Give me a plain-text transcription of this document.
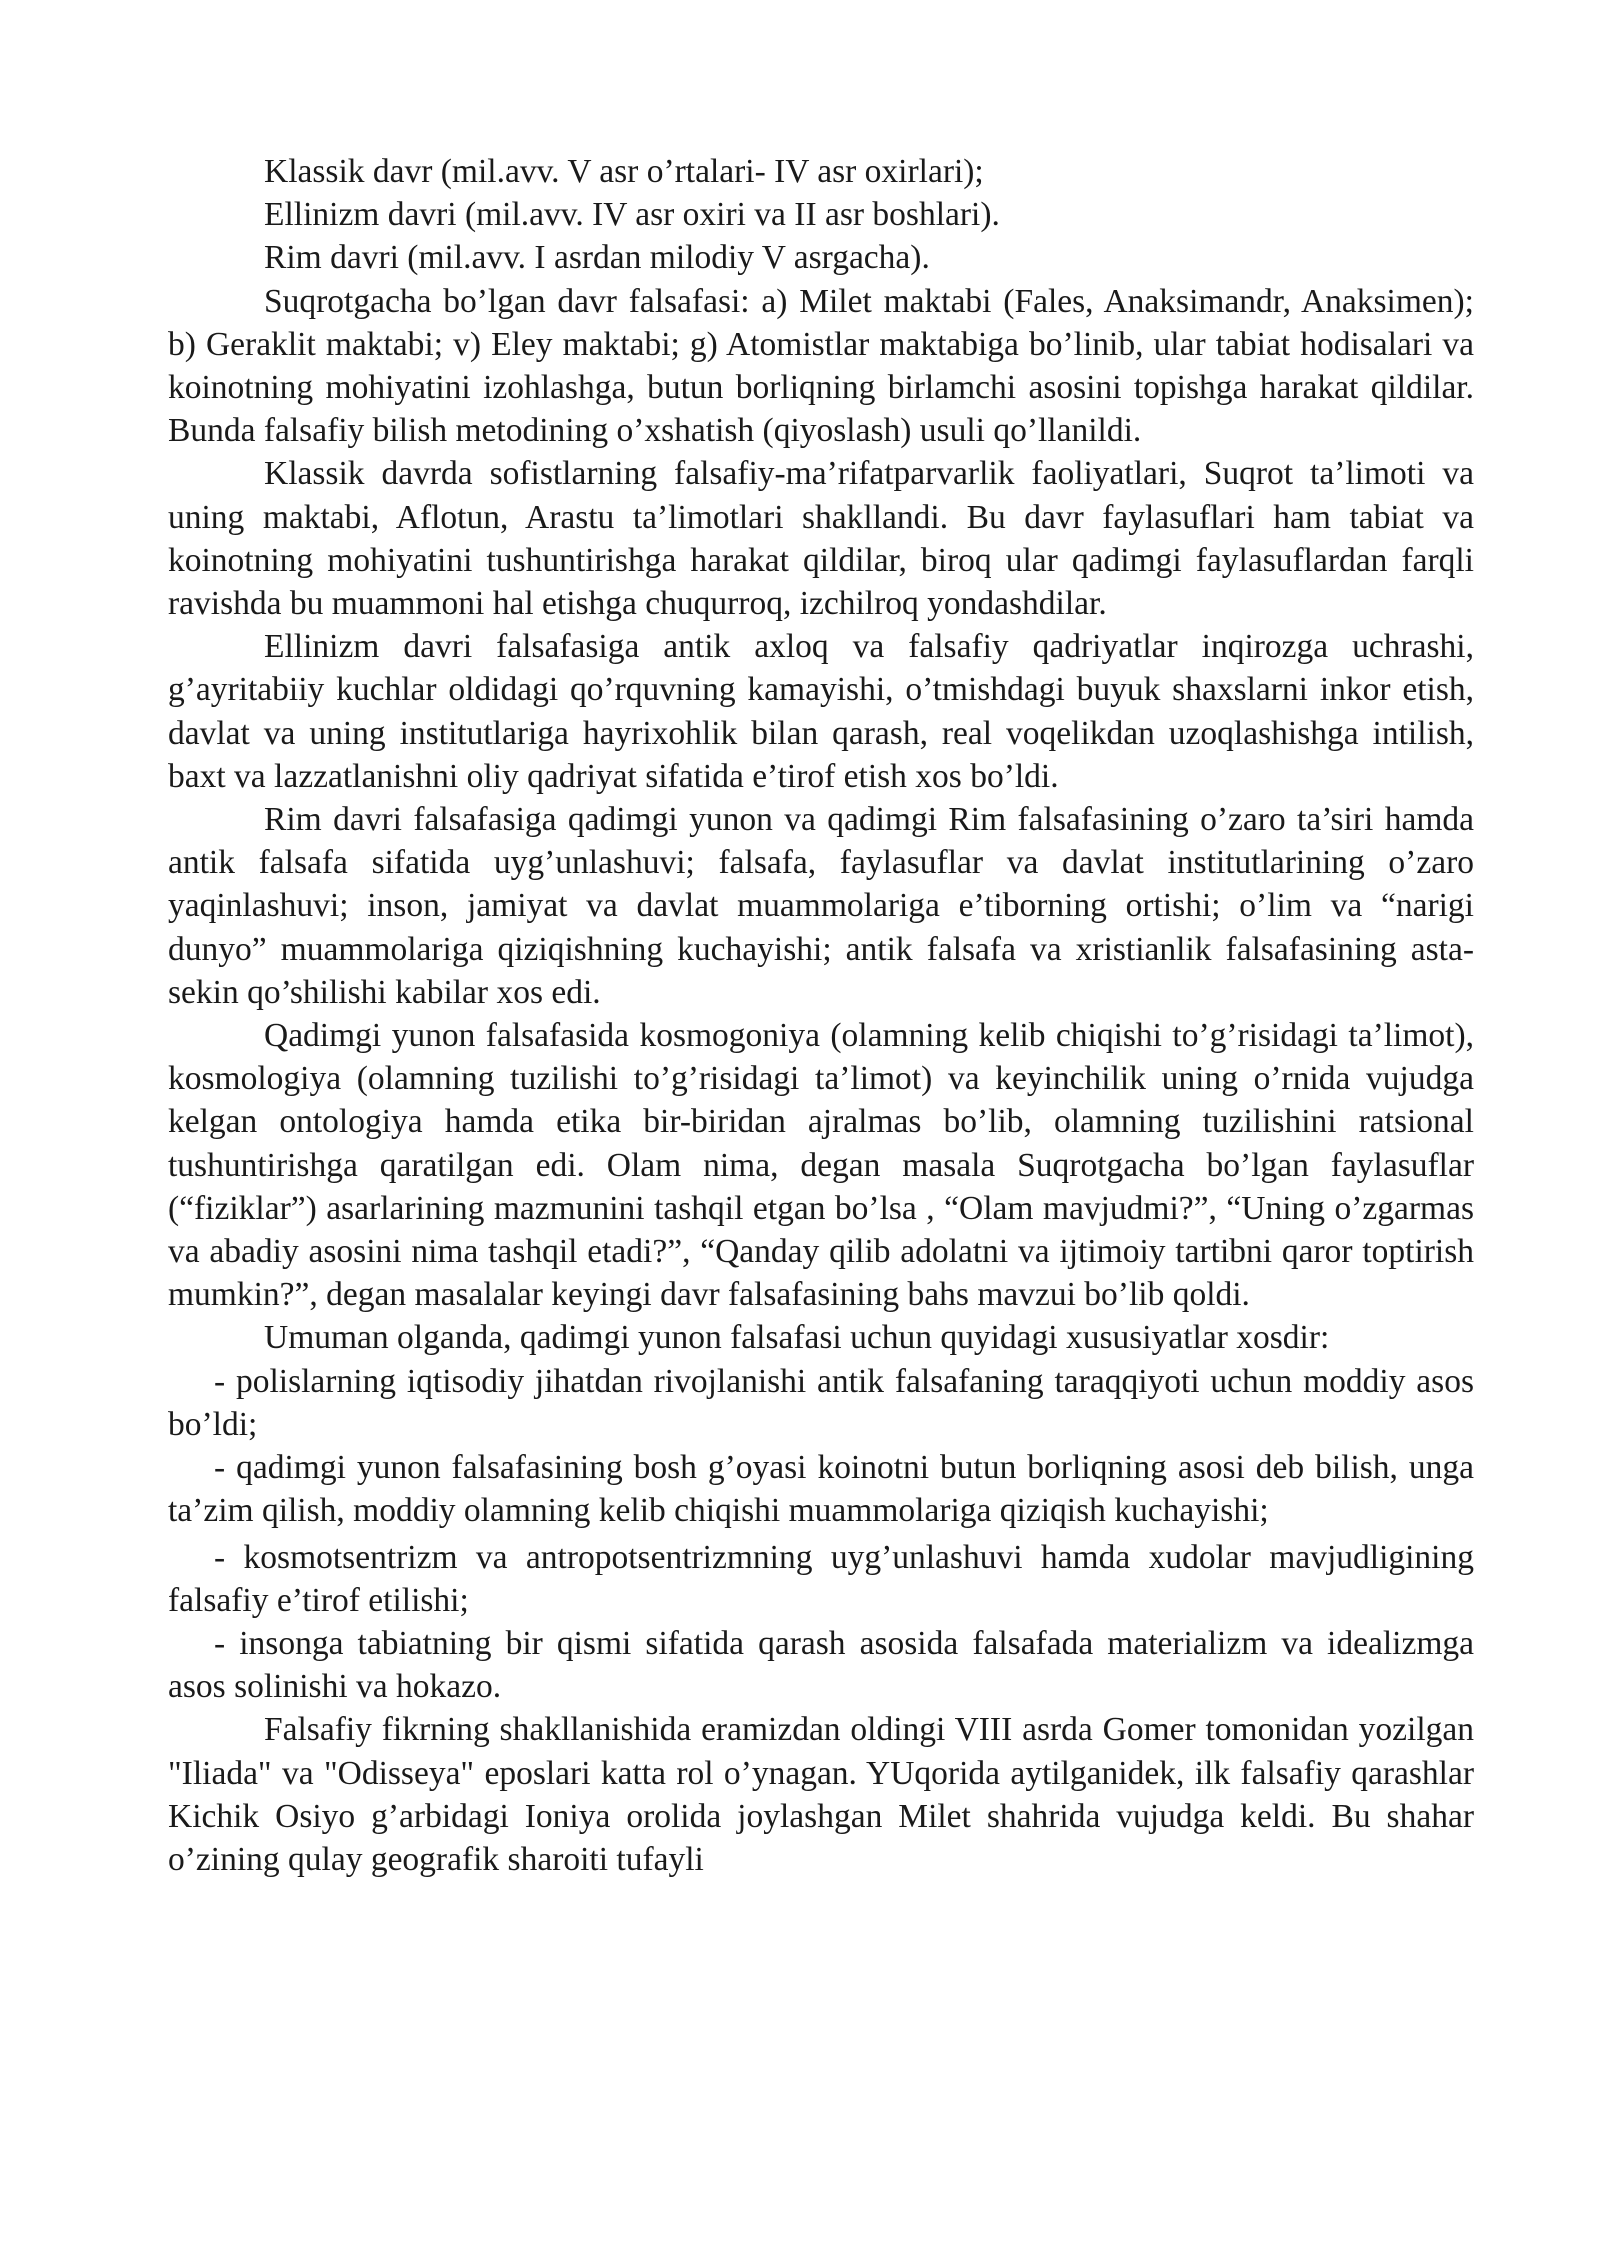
Klassik davr (mil.avv. V asr o’rtalari- IV asr oxirlari);

Ellinizm davri (mil.avv. IV asr oxiri va II asr boshlari).

Rim davri (mil.avv. I asrdan milodiy V asrgacha).

Suqrotgacha bo’lgan davr falsafasi: a) Milet maktabi (Fales, Anaksimandr, Anaksimen); b) Geraklit maktabi; v) Eley maktabi; g) Atomistlar maktabiga bo’linib, ular tabiat hodisalari va koinotning mohiyatini izohlashga, butun borliqning birlamchi asosini topishga harakat qildilar. Bunda falsafiy bilish metodining o’xshatish (qiyoslash) usuli qo’llanildi.

Klassik davrda sofistlarning falsafiy-ma’rifatparvarlik faoliyatlari, Suqrot ta’limoti va uning maktabi, Aflotun, Arastu ta’limotlari shakllandi. Bu davr faylasuflari ham tabiat va koinotning mohiyatini tushuntirishga harakat qildilar, biroq ular qadimgi faylasuflardan farqli ravishda bu muammoni hal etishga chuqurroq, izchilroq yondashdilar.

Ellinizm davri falsafasiga antik axloq va falsafiy qadriyatlar inqirozga uchrashi, g’ayritabiiy kuchlar oldidagi qo’rquvning kamayishi, o’tmishdagi buyuk shaxslarni inkor etish, davlat va uning institutlariga hayrixohlik bilan qarash, real voqelikdan uzoqlashishga intilish, baxt va lazzatlanishni oliy qadriyat sifatida e’tirof etish xos bo’ldi.

Rim davri falsafasiga qadimgi yunon va qadimgi Rim falsafasining o’zaro ta’siri hamda antik falsafa sifatida uyg’unlashuvi; falsafa, faylasuflar va davlat institutlarining o’zaro yaqinlashuvi; inson, jamiyat va davlat muammolariga e’tiborning ortishi; o’lim va “narigi dunyo” muammolariga qiziqishning kuchayishi; antik falsafa va xristianlik falsafasining asta-sekin qo’shilishi kabilar xos edi.

Qadimgi yunon falsafasida kosmogoniya (olamning kelib chiqishi to’g’risidagi ta’limot), kosmologiya (olamning tuzilishi to’g’risidagi ta’limot) va keyinchilik uning o’rnida vujudga kelgan ontologiya hamda etika bir-biridan ajralmas bo’lib, olamning tuzilishini ratsional tushuntirishga qaratilgan edi. Olam nima, degan masala Suqrotgacha bo’lgan faylasuflar (“fiziklar”) asarlarining mazmunini tashqil etgan bo’lsa , “Olam mavjudmi?”, “Uning o’zgarmas va abadiy asosini nima tashqil etadi?”, “Qanday qilib adolatni va ijtimoiy tartibni qaror toptirish mumkin?”, degan masalalar keyingi davr falsafasining bahs mavzui bo’lib qoldi.

Umuman olganda, qadimgi yunon falsafasi uchun quyidagi xususiyatlar xosdir:

- polislarning iqtisodiy jihatdan rivojlanishi antik falsafaning taraqqiyoti uchun moddiy asos bo’ldi;

- qadimgi yunon falsafasining bosh g’oyasi koinotni butun borliqning asosi deb bilish, unga ta’zim qilish, moddiy olamning kelib chiqishi muammolariga qiziqish kuchayishi;

- kosmotsentrizm va antropotsentrizmning uyg’unlashuvi hamda xudolar mavjudligining falsafiy e’tirof etilishi;

- insonga tabiatning bir qismi sifatida qarash asosida falsafada materializm va idealizmga asos solinishi va hokazo.

Falsafiy fikrning shakllanishida eramizdan oldingi VIII asrda Gomer tomonidan yozilgan "Iliada" va "Odisseya" eposlari katta rol o’ynagan. YUqorida aytilganidek, ilk falsafiy qarashlar Kichik Osiyo g’arbidagi Ioniya orolida joylashgan Milet shahrida vujudga keldi. Bu shahar o’zining qulay geografik sharoiti tufayli
